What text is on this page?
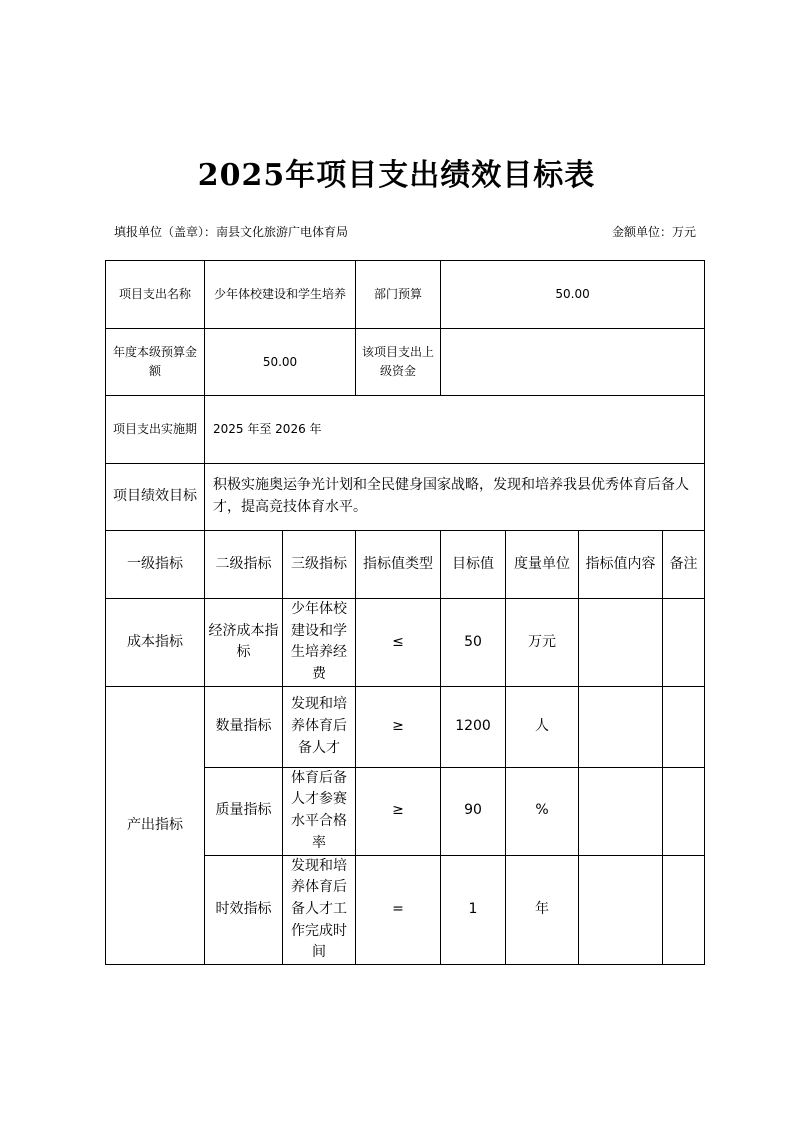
2025年项目支出绩效目标表
填报单位（盖章）：南县文化旅游广电体育局	金额单位：万元
项目支出名称	少年体校建设和学生培养		部门预算	50.00			
年度本级预算金额	50.00		该项目支出上级资金				
项目支出实施期	2025 年至 2026 年						
项目绩效目标	积极实施奥运争光计划和全民健身国家战略，发现和培养我县优秀体育后备人才，提高竞技体育水平。						
一级指标	二级指标	三级指标	指标值类型	目标值	度量单位	指标值内容	备注
成本指标	经济成本指标	少年体校建设和学生培养经费	≤	50	万元		
产出指标	数量指标	发现和培养体育后备人才	≥	1200	人		
	质量指标	体育后备人才参赛水平合格率	≥	90	%		
	时效指标	发现和培养体育后备人才工作完成时间	=	1	年		
